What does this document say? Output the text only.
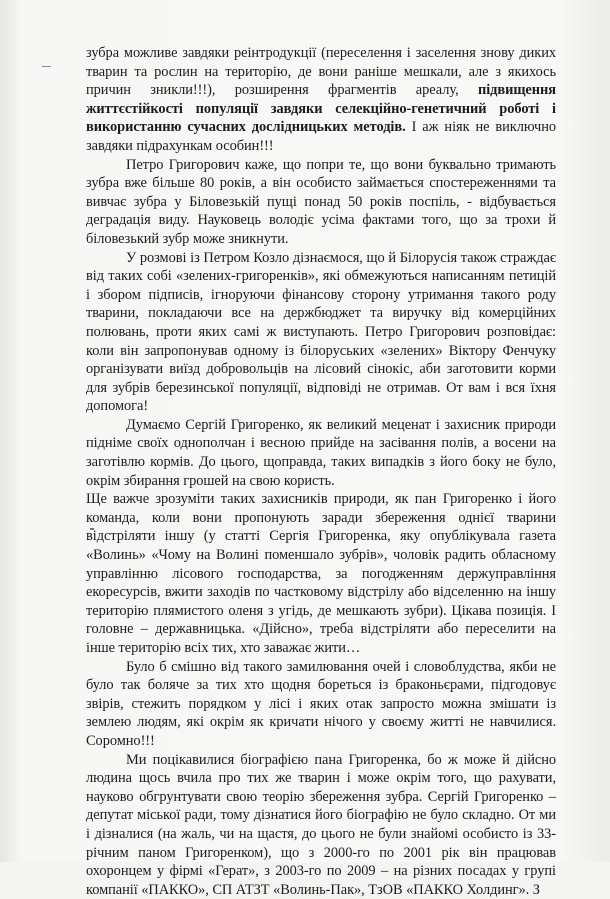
зубра можливе завдяки реінтродукції (переселення і заселення знову диких тварин та рослин на територію, де вони раніше мешкали, але з якихось причин зникли!!!), розширення фрагментів ареалу, підвищення життєстійкості популяції завдяки селекційно-генетичний роботі і використанню сучасних дослідницьких методів. І аж ніяк не виключно завдяки підрахункам особин!!!

Петро Григорович каже, що попри те, що вони буквально тримають зубра вже більше 80 років, а він особисто займається спостереженнями та вивчає зубра у Біловезькій пущі понад 50 років поспіль, - відбувається деградація виду. Науковець володіє усіма фактами того, що за трохи й біловезький зубр може зникнути.

У розмові із Петром Козло дізнаємося, що й Білорусія також страждає від таких собі «зелених-григоренків», які обмежуються написанням петицій і збором підписів, ігноруючи фінансову сторону утримання такого роду тварини, покладаючи все на держбюджет та виручку від комерційних полювань, проти яких самі ж виступають. Петро Григорович розповідає: коли він запропонував одному із білоруських «зелених» Віктору Фенчуку організувати виїзд добровольців на лісовий сінокіс, аби заготовити корми для зубрів березинської популяції, відповіді не отримав. От вам і вся їхня допомога!

Думаємо Сергій Григоренко, як великий меценат і захисник природи підніме своїх однополчан і весною прийде на засівання полів, а восени на заготівлю кормів. До цього, щоправда, таких випадків з його боку не було, окрім збирання грошей на свою користь.

Ще важче зрозуміти таких захисників природи, як пан Григоренко і його команда, коли вони пропонують заради збереження однієї тварини відстріляти іншу (у статті Сергія Григоренка, яку опублікувала газета «Волинь» «Чому на Волині поменшало зубрів», чоловік радить обласному управлінню лісового господарства, за погодженням держуправління екоресурсів, вжити заходів по частковому відстрілу або відселенню на іншу територію плямистого оленя з угідь, де мешкають зубри). Цікава позиція. І головне – державницька. «Дійсно», треба відстріляти або переселити на інше територію всіх тих, хто заважає жити…

Було б смішно від такого замилювання очей і словоблудства, якби не було так боляче за тих хто щодня бореться із браконьєрами, підгодовує звірів, стежить порядком у лісі і яких отак запросто можна змішати із землею людям, які окрім як кричати нічого у своєму житті не навчилися. Соромно!!!

Ми поцікавилися біографією пана Григоренка, бо ж може й дійсно людина щось вчила про тих же тварин і може окрім того, що рахувати, науково обгрунтувати свою теорію збереження зубра. Сергій Григоренко – депутат міської ради, тому дізнатися його біографію не було складно. От ми і дізналися (на жаль, чи на щастя, до цього не були знайомі особисто із 33-річним паном Григоренком), що з 2000-го по 2001 рік він працював охоронцем у фірмі «Герат», з 2003-го по 2009 – на різних посадах у групі компанії «ПАККО», СП АТЗТ «Волинь-Пак», ТзОВ «ПАККО Холдинг». З
